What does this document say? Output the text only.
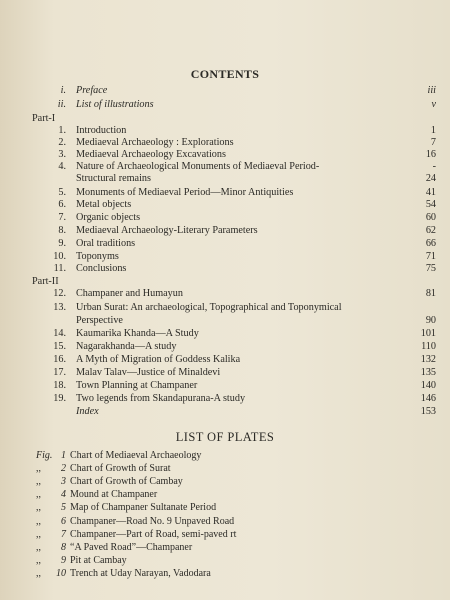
CONTENTS
i. Preface	iii
ii. List of illustrations	v
Part-I
1. Introduction	1
2. Mediaeval Archaeology : Explorations	7
3. Mediaeval Archaeology Excavations	16
4. Nature of Archaeological Monuments of Mediaeval Period-	-
Structural remains	24
5. Monuments of Mediaeval Period—Minor Antiquities	41
6. Metal objects	54
7. Organic objects	60
8. Mediaeval Archaeology-Literary Parameters	62
9. Oral traditions	66
10. Toponyms	71
11. Conclusions	75
Part-II
12. Champaner and Humayun	81
13. Urban Surat: An archaeological, Topographical and Toponymical
Perspective	90
14. Kaumarika Khanda—A Study	101
15. Nagarakhanda—A study	110
16. A Myth of Migration of Goddess Kalika	132
17. Malav Talav—Justice of Minaldevi	135
18. Town Planning at Champaner	140
19. Two legends from Skandapurana-A study	146
Index	153
LIST OF PLATES
Fig. 1 Chart of Mediaeval Archaeology
,,	2 Chart of Growth of Surat
,,	3 Chart of Growth of Cambay
,,	4 Mound at Champaner
,,	5 Map of Champaner Sultanate Period
,,	6 Champaner—Road No. 9 Unpaved Road
,,	7 Champaner—Part of Road, semi-paved rt
,,	8 “A Paved Road”—Champaner
,,	9 Pit at Cambay
,,	10 Trench at Uday Narayan, Vadodara
